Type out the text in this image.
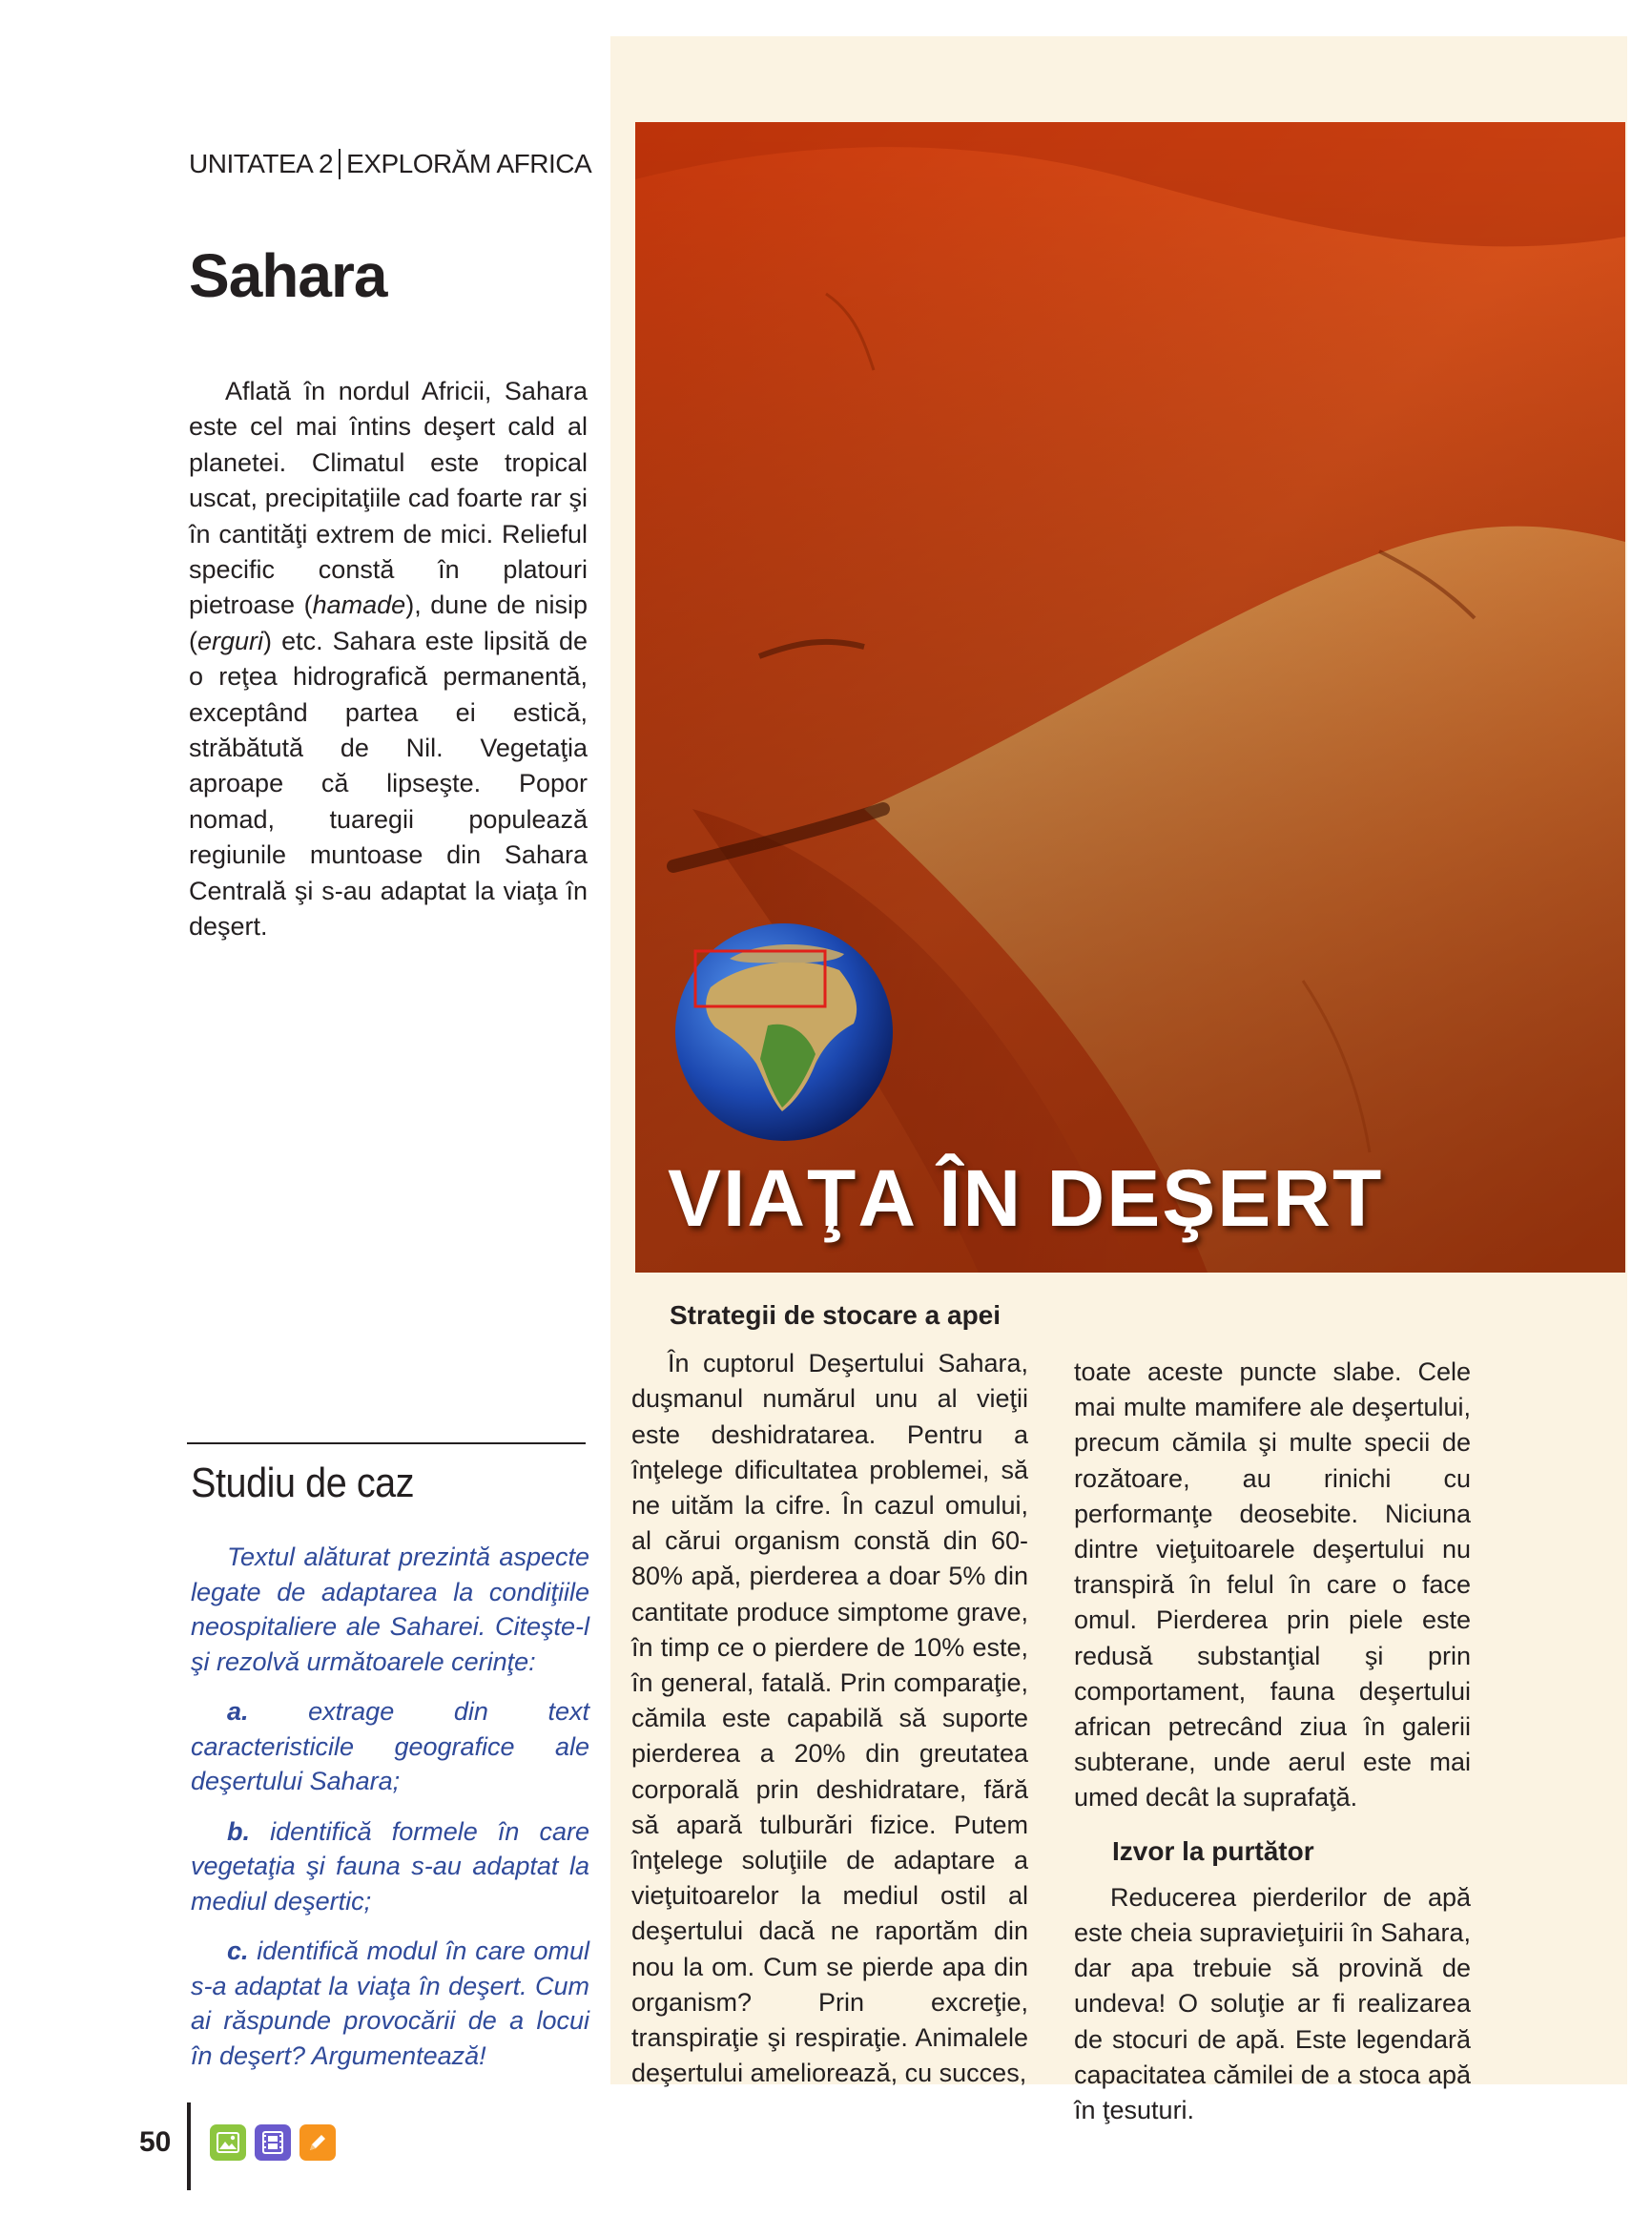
UNITATEA 2 EXPLORĂM AFRICA
Sahara

Aflată în nordul Africii, Sahara este cel mai întins deşert cald al planetei. Climatul este tropical uscat, precipitaţiile cad foarte rar şi în cantităţi extrem de mici. Relieful specific constă în platouri pietroase (hamade), dune de nisip (erguri) etc. Sahara este lipsită de o reţea hidrografică permanentă, exceptând partea ei estică, străbătută de Nil. Vegetaţia aproape că lipseşte. Popor nomad, tuaregii populează regiunile muntoase din Sahara Centrală şi s-au adaptat la viaţa în deşert.

Studiu de caz

Textul alăturat prezintă aspecte legate de adaptarea la condiţiile neospitaliere ale Saharei. Citeşte-l şi rezolvă următoarele cerinţe:

a. extrage din text caracteristicile geografice ale deşertului Sahara;

b. identifică formele în care vegetaţia şi fauna s-au adaptat la mediul deşertic;

c. identifică modul în care omul s-a adaptat la viaţa în deşert. Cum ai răspunde provocării de a locui în deşert? Argumentează!

VIAŢA ÎN DEŞERT
Strategii de stocare a apei

În cuptorul Deşertului Sahara, duşmanul numărul unu al vieţii este deshidratarea. Pentru a înţelege dificultatea problemei, să ne uităm la cifre. În cazul omului, al cărui organism constă din 60-80% apă, pierderea a doar 5% din cantitate produce simptome grave, în timp ce o pierdere de 10% este, în general, fatală. Prin comparaţie, cămila este capabilă să suporte pierderea a 20% din greutatea corporală prin deshidratare, fără să apară tulburări fizice. Putem înţelege soluţiile de adaptare a vieţuitoarelor la mediul ostil al deşertului dacă ne raportăm din nou la om. Cum se pierde apa din organism? Prin excreţie, transpiraţie şi respiraţie. Animalele deşertului ameliorează, cu succes,

toate aceste puncte slabe. Cele mai multe mamifere ale deşertului, precum cămila şi multe specii de rozătoare, au rinichi cu performanţe deosebite. Niciuna dintre vieţuitoarele deşertului nu transpiră în felul în care o face omul. Pierderea prin piele este redusă substanţial şi prin comportament, fauna deşertului african petrecând ziua în galerii subterane, unde aerul este mai umed decât la suprafaţă.

Izvor la purtător

Reducerea pierderilor de apă este cheia supravieţuirii în Sahara, dar apa trebuie să provină de undeva! O soluţie ar fi realizarea de stocuri de apă. Este legendară capacitatea cămilei de a stoca apă în ţesuturi.

50
